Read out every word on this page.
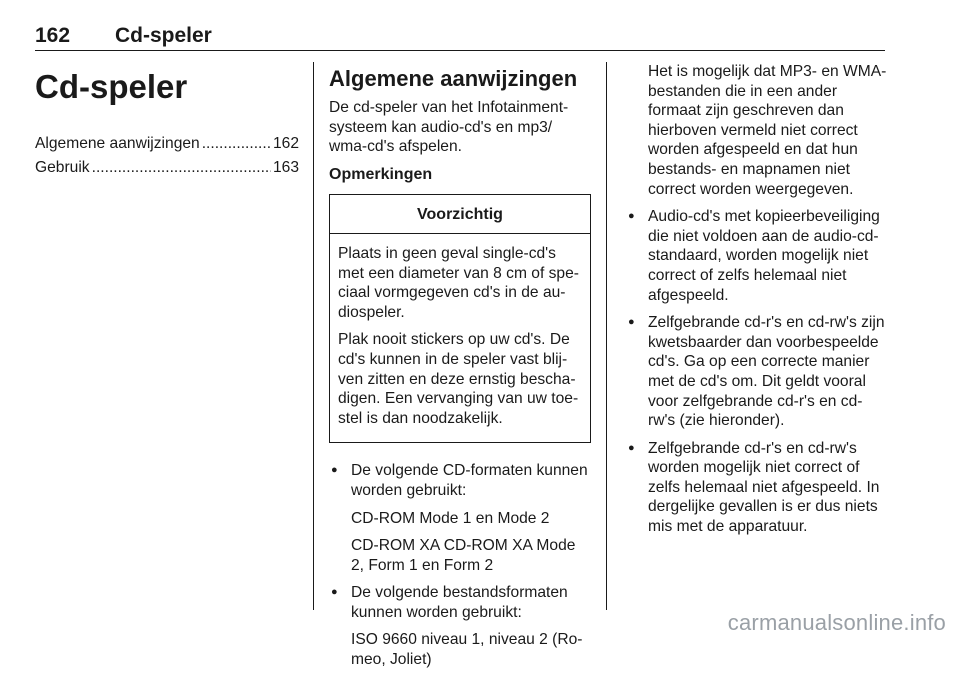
162 Cd-speler
Cd-speler
Algemene aanwijzingen .....	162
Gebruik .....	163
Algemene aanwijzingen

De cd-speler van het Infotainmentsysteem kan audio-cd's en mp3/ wma-cd's afspelen.

Opmerkingen
Voorzichtig

Plaats in geen geval single-cd's met een diameter van 8 cm of speciaal vormgegeven cd's in de audiospeler.

Plak nooit stickers op uw cd's. De cd's kunnen in de speler vast blijven zitten en deze ernstig beschadigen. Een vervanging van uw toestel is dan noodzakelijk.

● De volgende CD-formaten kunnen worden gebruikt:
CD-ROM Mode 1 en Mode 2
CD-ROM XA CD-ROM XA Mode 2, Form 1 en Form 2
● De volgende bestandsformaten kunnen worden gebruikt:
ISO 9660 niveau 1, niveau 2 (Romeo, Joliet)

Het is mogelijk dat MP3- en WMA-bestanden die in een ander formaat zijn geschreven dan hierboven vermeld niet correct worden afgespeeld en dat hun bestands- en mapnamen niet correct worden weergegeven.

● Audio-cd's met kopieerbeveiliging die niet voldoen aan de audio-cd-standaard, worden mogelijk niet correct of zelfs helemaal niet afgespeeld.
● Zelfgebrande cd-r's en cd-rw's zijn kwetsbaarder dan voorbespeelde cd's. Ga op een correcte manier met de cd's om. Dit geldt vooral voor zelfgebrande cd-r's en cd-rw's (zie hieronder).
● Zelfgebrande cd-r's en cd-rw's worden mogelijk niet correct of zelfs helemaal niet afgespeeld. In dergelijke gevallen is er dus niets mis met de apparatuur.
carmanualsonline.info
